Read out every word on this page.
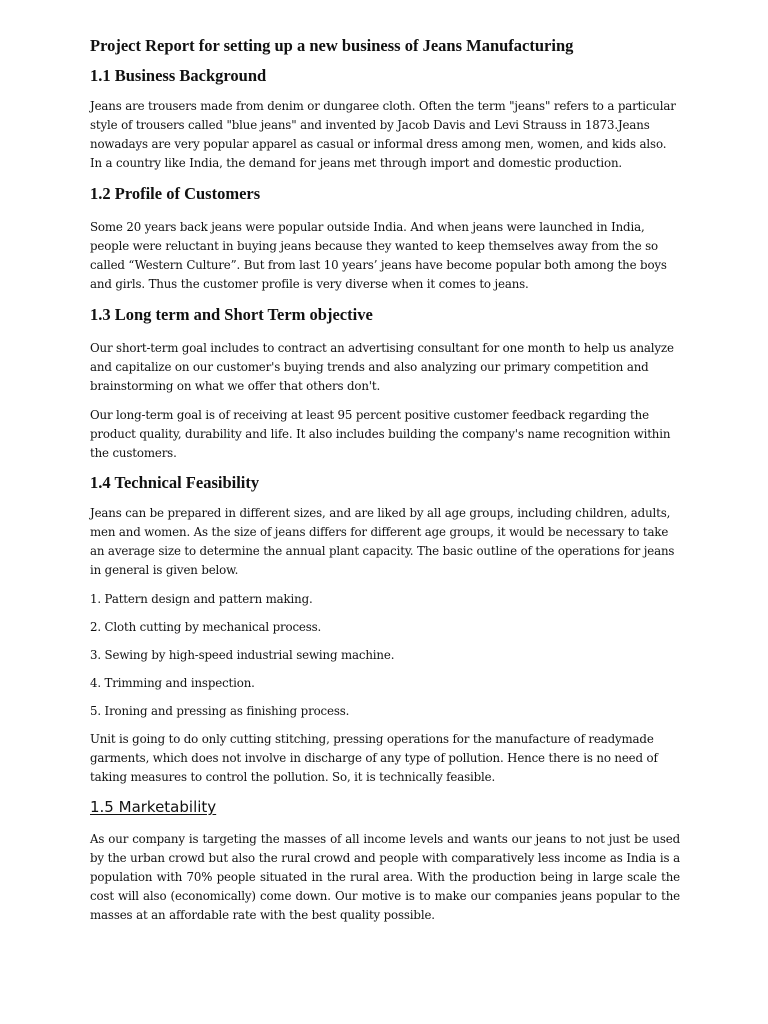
Project Report for setting up a new business of Jeans Manufacturing
1.1 Business Background

Jeans are trousers made from denim or dungaree cloth. Often the term "jeans" refers to a particular style of trousers called "blue jeans" and invented by Jacob Davis and Levi Strauss in 1873.Jeans nowadays are very popular apparel as casual or informal dress among men, women, and kids also. In a country like India, the demand for jeans met through import and domestic production.

1.2 Profile of Customers

Some 20 years back jeans were popular outside India. And when jeans were launched in India, people were reluctant in buying jeans because they wanted to keep themselves away from the so called “Western Culture”. But from last 10 years’ jeans have become popular both among the boys and girls. Thus the customer profile is very diverse when it comes to jeans.

1.3 Long term and Short Term objective

Our short-term goal includes to contract an advertising consultant for one month to help us analyze and capitalize on our customer's buying trends and also analyzing our primary competition and brainstorming on what we offer that others don't.

Our long-term goal is of receiving at least 95 percent positive customer feedback regarding the product quality, durability and life. It also includes building the company's name recognition within the customers.

1.4 Technical Feasibility

Jeans can be prepared in different sizes, and are liked by all age groups, including children, adults, men and women. As the size of jeans differs for different age groups, it would be necessary to take an average size to determine the annual plant capacity. The basic outline of the operations for jeans in general is given below.

1. Pattern design and pattern making.
2. Cloth cutting by mechanical process.
3. Sewing by high-speed industrial sewing machine.
4. Trimming and inspection.
5. Ironing and pressing as finishing process.

Unit is going to do only cutting stitching, pressing operations for the manufacture of readymade garments, which does not involve in discharge of any type of pollution. Hence there is no need of taking measures to control the pollution. So, it is technically feasible.

1.5 Marketability

As our company is targeting the masses of all income levels and wants our jeans to not just be used by the urban crowd but also the rural crowd and people with comparatively less income as India is a population with 70% people situated in the rural area. With the production being in large scale the cost will also (economically) come down. Our motive is to make our companies jeans popular to the masses at an affordable rate with the best quality possible.
